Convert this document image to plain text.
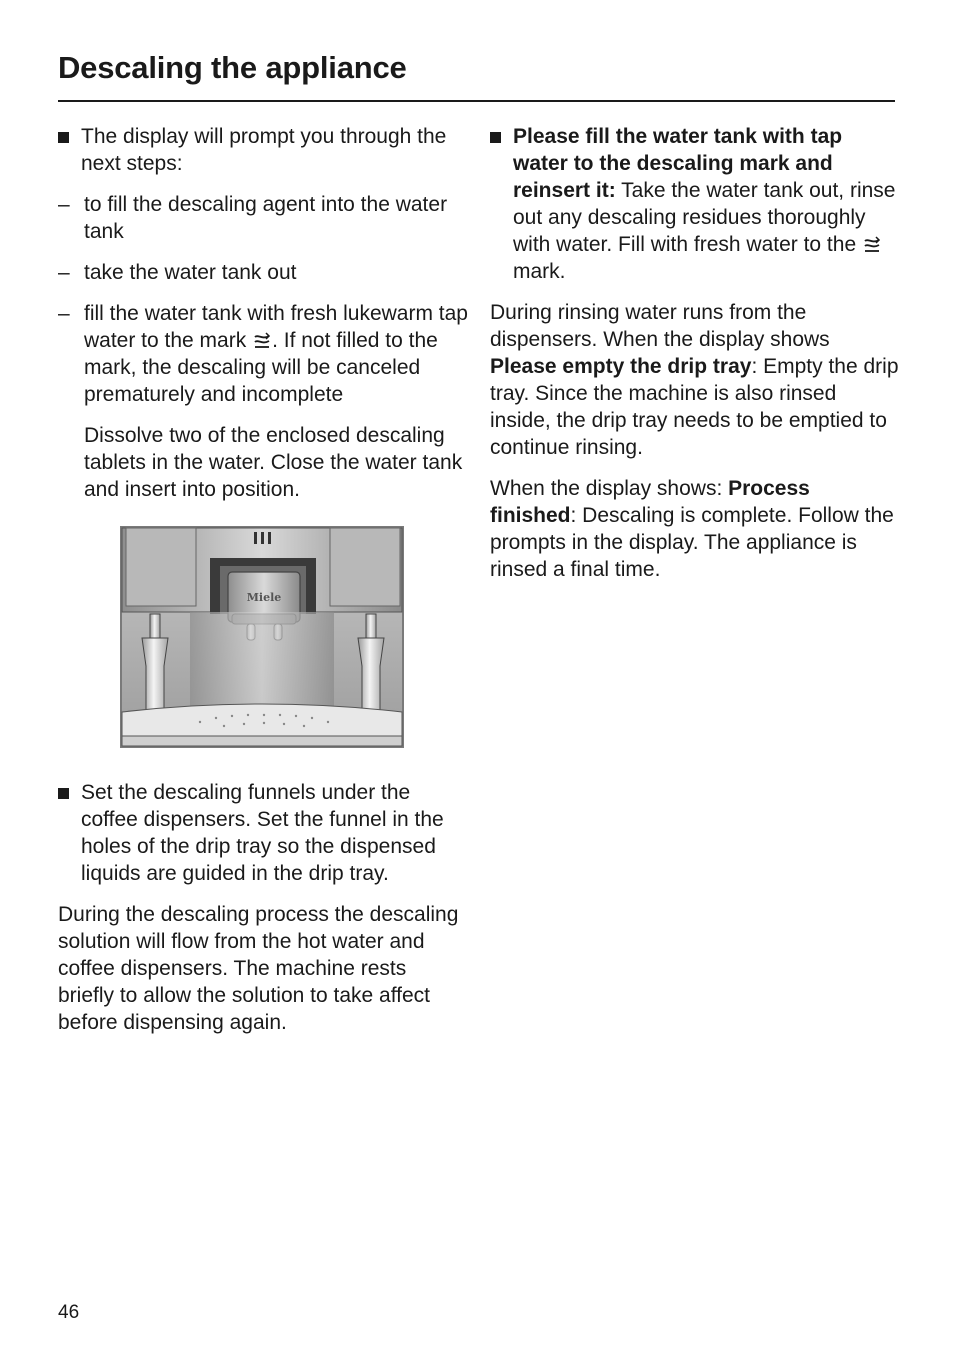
Descaling the appliance
The display will prompt you through the next steps:
– to fill the descaling agent into the water tank
– take the water tank out
– fill the water tank with fresh lukewarm tap water to the mark . If not filled to the mark, the descaling will be canceled prematurely and incomplete

Dissolve two of the enclosed descaling tablets in the water. Close the water tank and insert into position.

Miele
Set the descaling funnels under the coffee dispensers. Set the funnel in the holes of the drip tray so the dispensed liquids are guided in the drip tray.

During the descaling process the descaling solution will flow from the hot water and coffee dispensers. The machine rests briefly to allow the solution to take affect before dispensing again.

Please fill the water tank with tap water to the descaling mark and reinsert it: Take the water tank out, rinse out any descaling residues thoroughly with water. Fill with fresh water to the  mark.

During rinsing water runs from the dispensers. When the display shows Please empty the drip tray: Empty the drip tray. Since the machine is also rinsed inside, the drip tray needs to be emptied to continue rinsing.

When the display shows: Process finished: Descaling is complete. Follow the prompts in the display. The appliance is rinsed a final time.

46
